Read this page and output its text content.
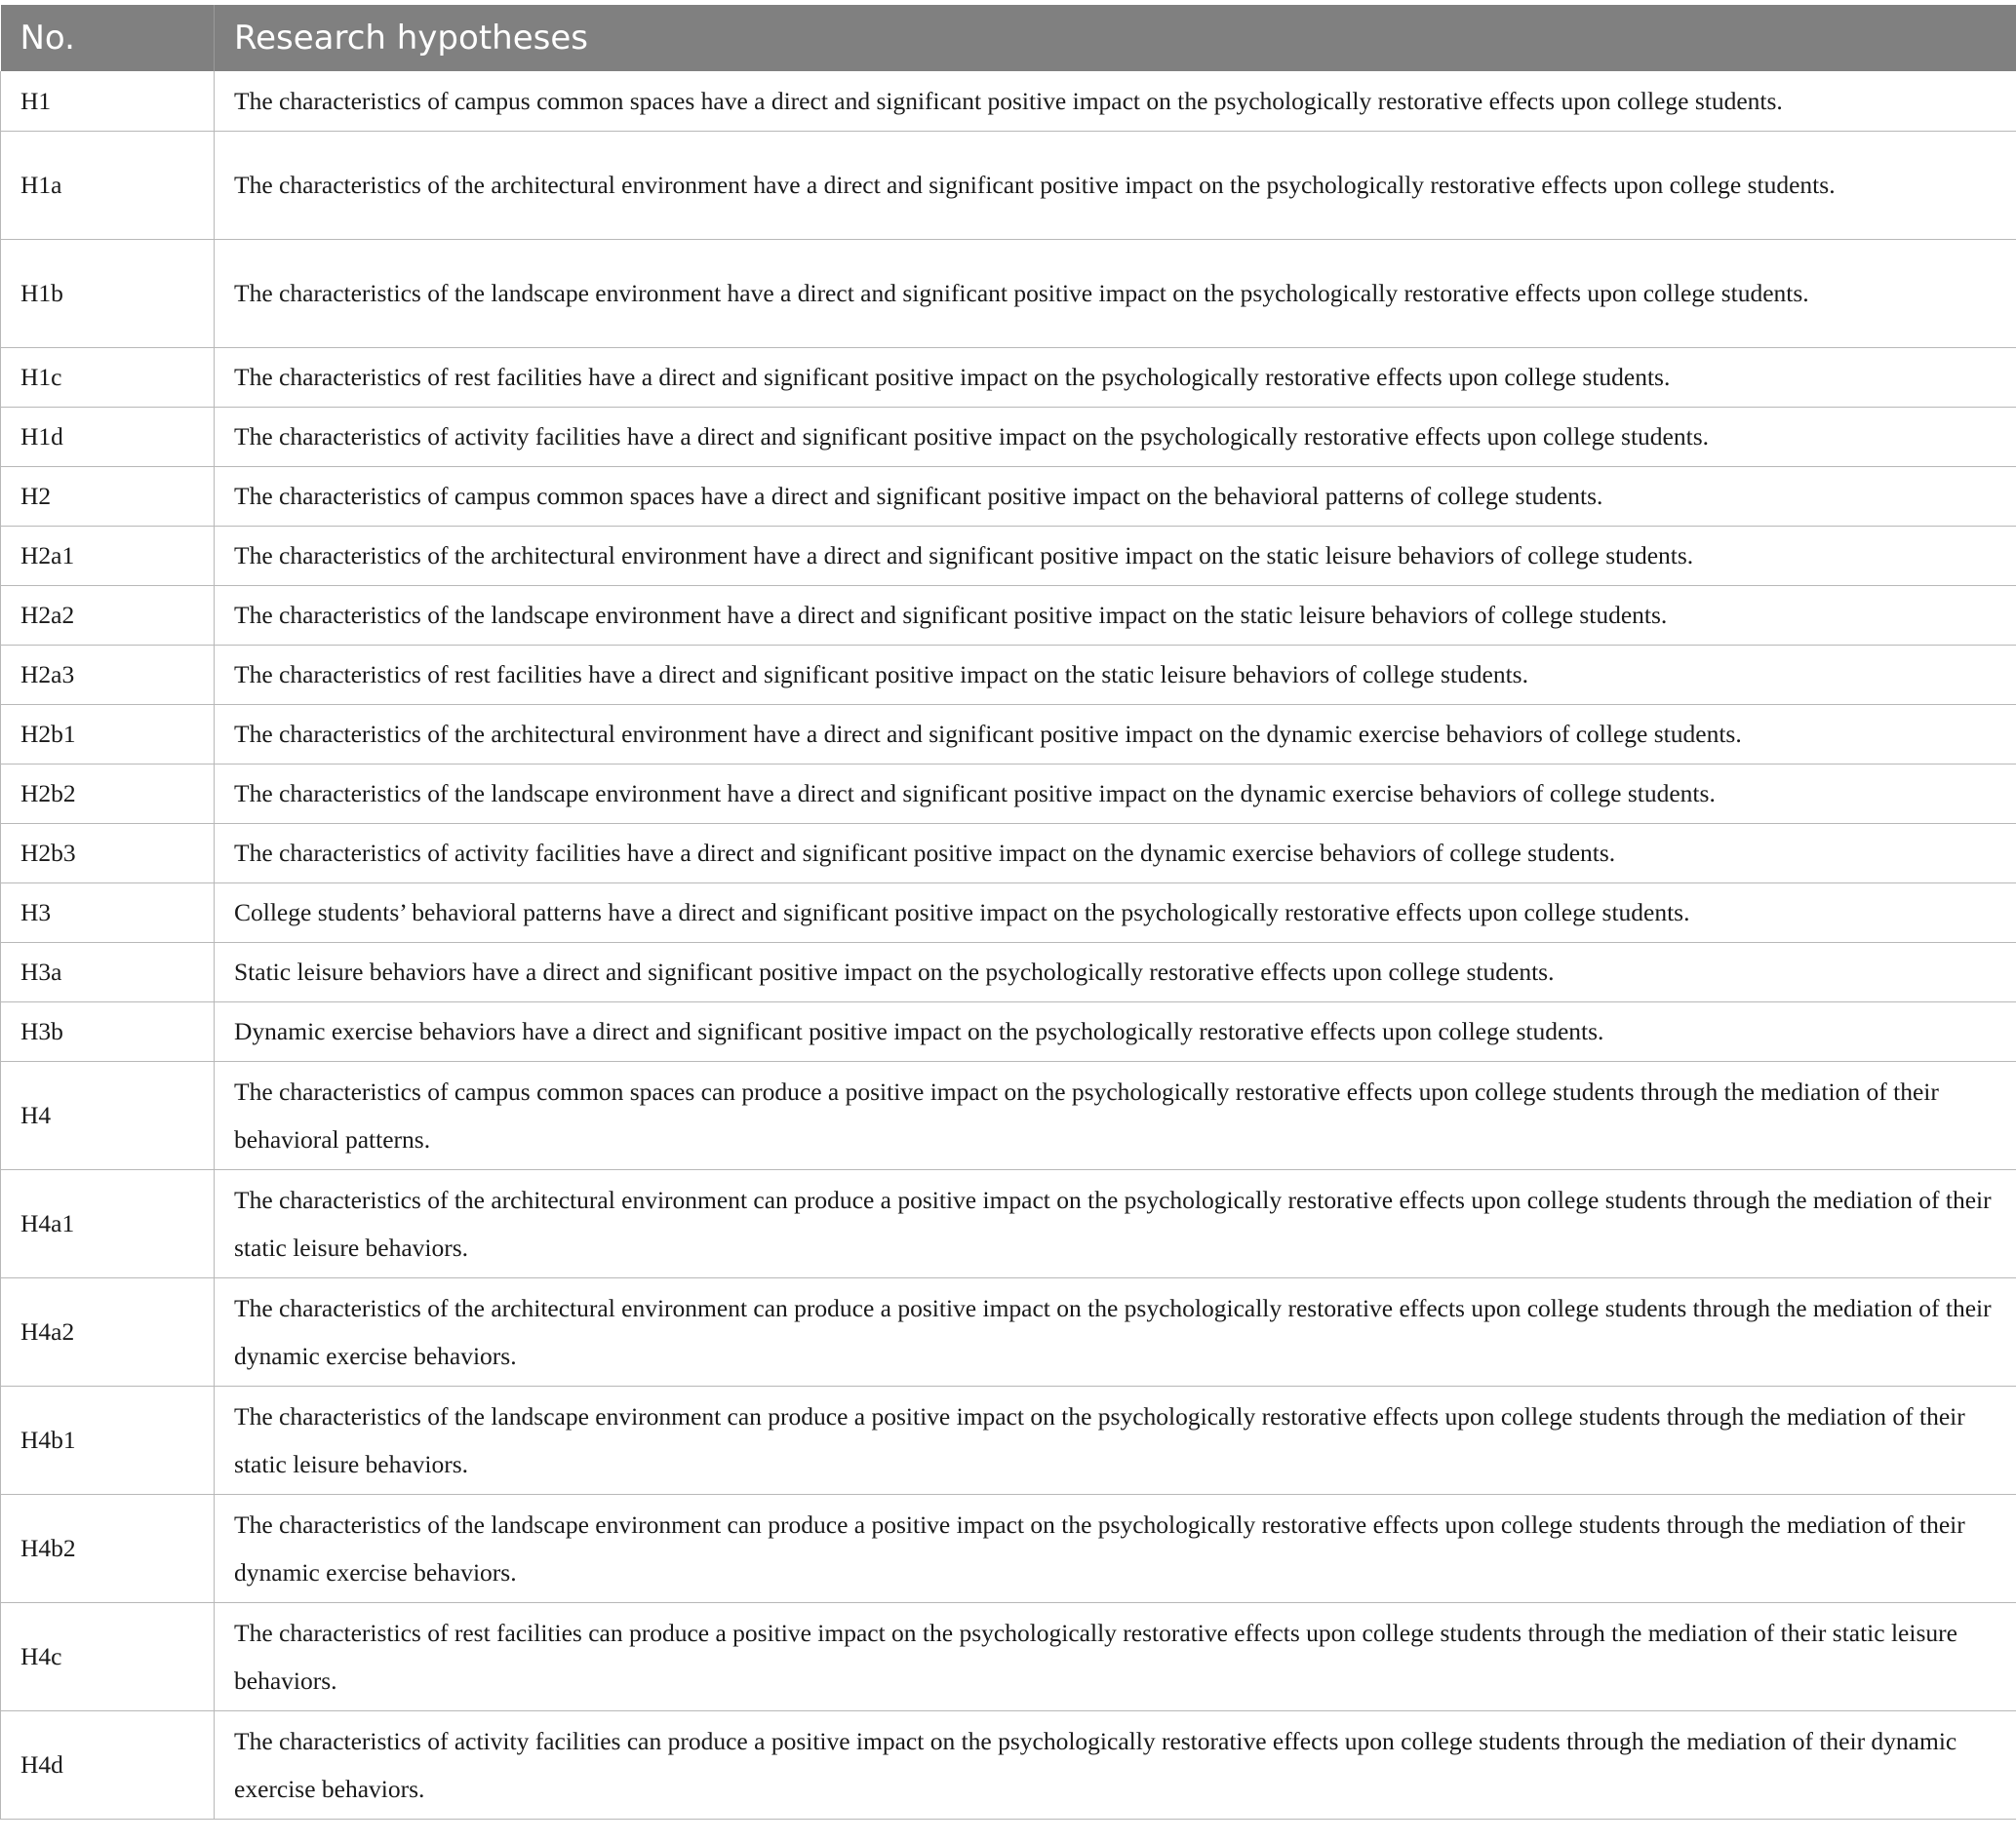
No.	Research hypotheses
H1	The characteristics of campus common spaces have a direct and significant positive impact on the psychologically restorative effects upon college students.
H1a	The characteristics of the architectural environment have a direct and significant positive impact on the psychologically restorative effects upon college students.
H1b	The characteristics of the landscape environment have a direct and significant positive impact on the psychologically restorative effects upon college students.
H1c	The characteristics of rest facilities have a direct and significant positive impact on the psychologically restorative effects upon college students.
H1d	The characteristics of activity facilities have a direct and significant positive impact on the psychologically restorative effects upon college students.
H2	The characteristics of campus common spaces have a direct and significant positive impact on the behavioral patterns of college students.
H2a1	The characteristics of the architectural environment have a direct and significant positive impact on the static leisure behaviors of college students.
H2a2	The characteristics of the landscape environment have a direct and significant positive impact on the static leisure behaviors of college students.
H2a3	The characteristics of rest facilities have a direct and significant positive impact on the static leisure behaviors of college students.
H2b1	The characteristics of the architectural environment have a direct and significant positive impact on the dynamic exercise behaviors of college students.
H2b2	The characteristics of the landscape environment have a direct and significant positive impact on the dynamic exercise behaviors of college students.
H2b3	The characteristics of activity facilities have a direct and significant positive impact on the dynamic exercise behaviors of college students.
H3	College students’ behavioral patterns have a direct and significant positive impact on the psychologically restorative effects upon college students.
H3a	Static leisure behaviors have a direct and significant positive impact on the psychologically restorative effects upon college students.
H3b	Dynamic exercise behaviors have a direct and significant positive impact on the psychologically restorative effects upon college students.
H4	The characteristics of campus common spaces can produce a positive impact on the psychologically restorative effects upon college students through the mediation of their behavioral patterns.
H4a1	The characteristics of the architectural environment can produce a positive impact on the psychologically restorative effects upon college students through the mediation of their static leisure behaviors.
H4a2	The characteristics of the architectural environment can produce a positive impact on the psychologically restorative effects upon college students through the mediation of their dynamic exercise behaviors.
H4b1	The characteristics of the landscape environment can produce a positive impact on the psychologically restorative effects upon college students through the mediation of their static leisure behaviors.
H4b2	The characteristics of the landscape environment can produce a positive impact on the psychologically restorative effects upon college students through the mediation of their dynamic exercise behaviors.
H4c	The characteristics of rest facilities can produce a positive impact on the psychologically restorative effects upon college students through the mediation of their static leisure behaviors.
H4d	The characteristics of activity facilities can produce a positive impact on the psychologically restorative effects upon college students through the mediation of their dynamic exercise behaviors.
